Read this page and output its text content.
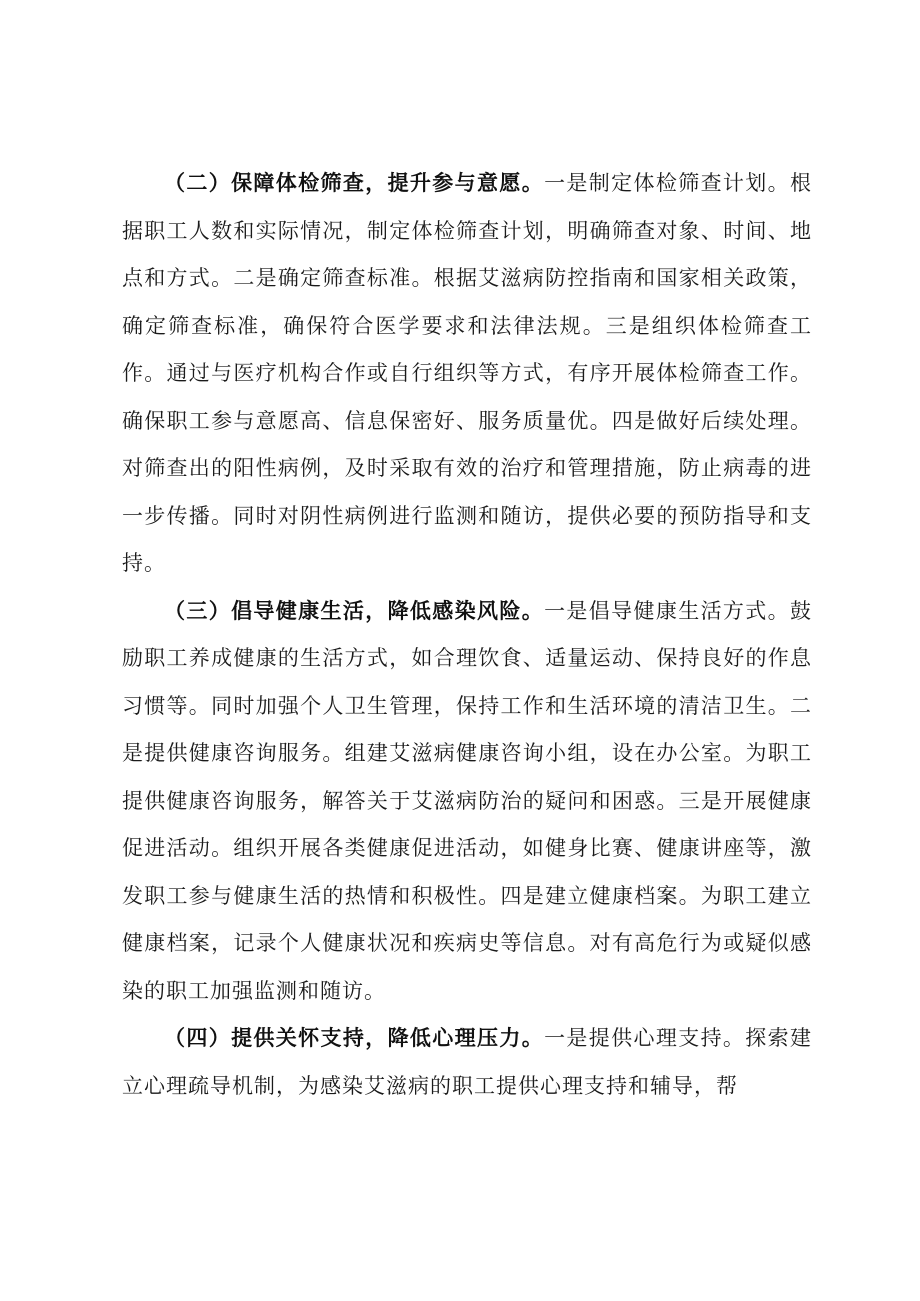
（二）保障体检筛查，提升参与意愿。一是制定体检筛查计划。根据职工人数和实际情况，制定体检筛查计划，明确筛查对象、时间、地点和方式。二是确定筛查标准。根据艾滋病防控指南和国家相关政策，确定筛查标准，确保符合医学要求和法律法规。三是组织体检筛查工作。通过与医疗机构合作或自行组织等方式，有序开展体检筛查工作。确保职工参与意愿高、信息保密好、服务质量优。四是做好后续处理。对筛查出的阳性病例，及时采取有效的治疗和管理措施，防止病毒的进一步传播。同时对阴性病例进行监测和随访，提供必要的预防指导和支持。

（三）倡导健康生活，降低感染风险。一是倡导健康生活方式。鼓励职工养成健康的生活方式，如合理饮食、适量运动、保持良好的作息习惯等。同时加强个人卫生管理，保持工作和生活环境的清洁卫生。二是提供健康咨询服务。组建艾滋病健康咨询小组，设在办公室。为职工提供健康咨询服务，解答关于艾滋病防治的疑问和困惑。三是开展健康促进活动。组织开展各类健康促进活动，如健身比赛、健康讲座等，激发职工参与健康生活的热情和积极性。四是建立健康档案。为职工建立健康档案，记录个人健康状况和疾病史等信息。对有高危行为或疑似感染的职工加强监测和随访。

（四）提供关怀支持，降低心理压力。一是提供心理支持。探索建立心理疏导机制，为感染艾滋病的职工提供心理支持和辅导，帮
